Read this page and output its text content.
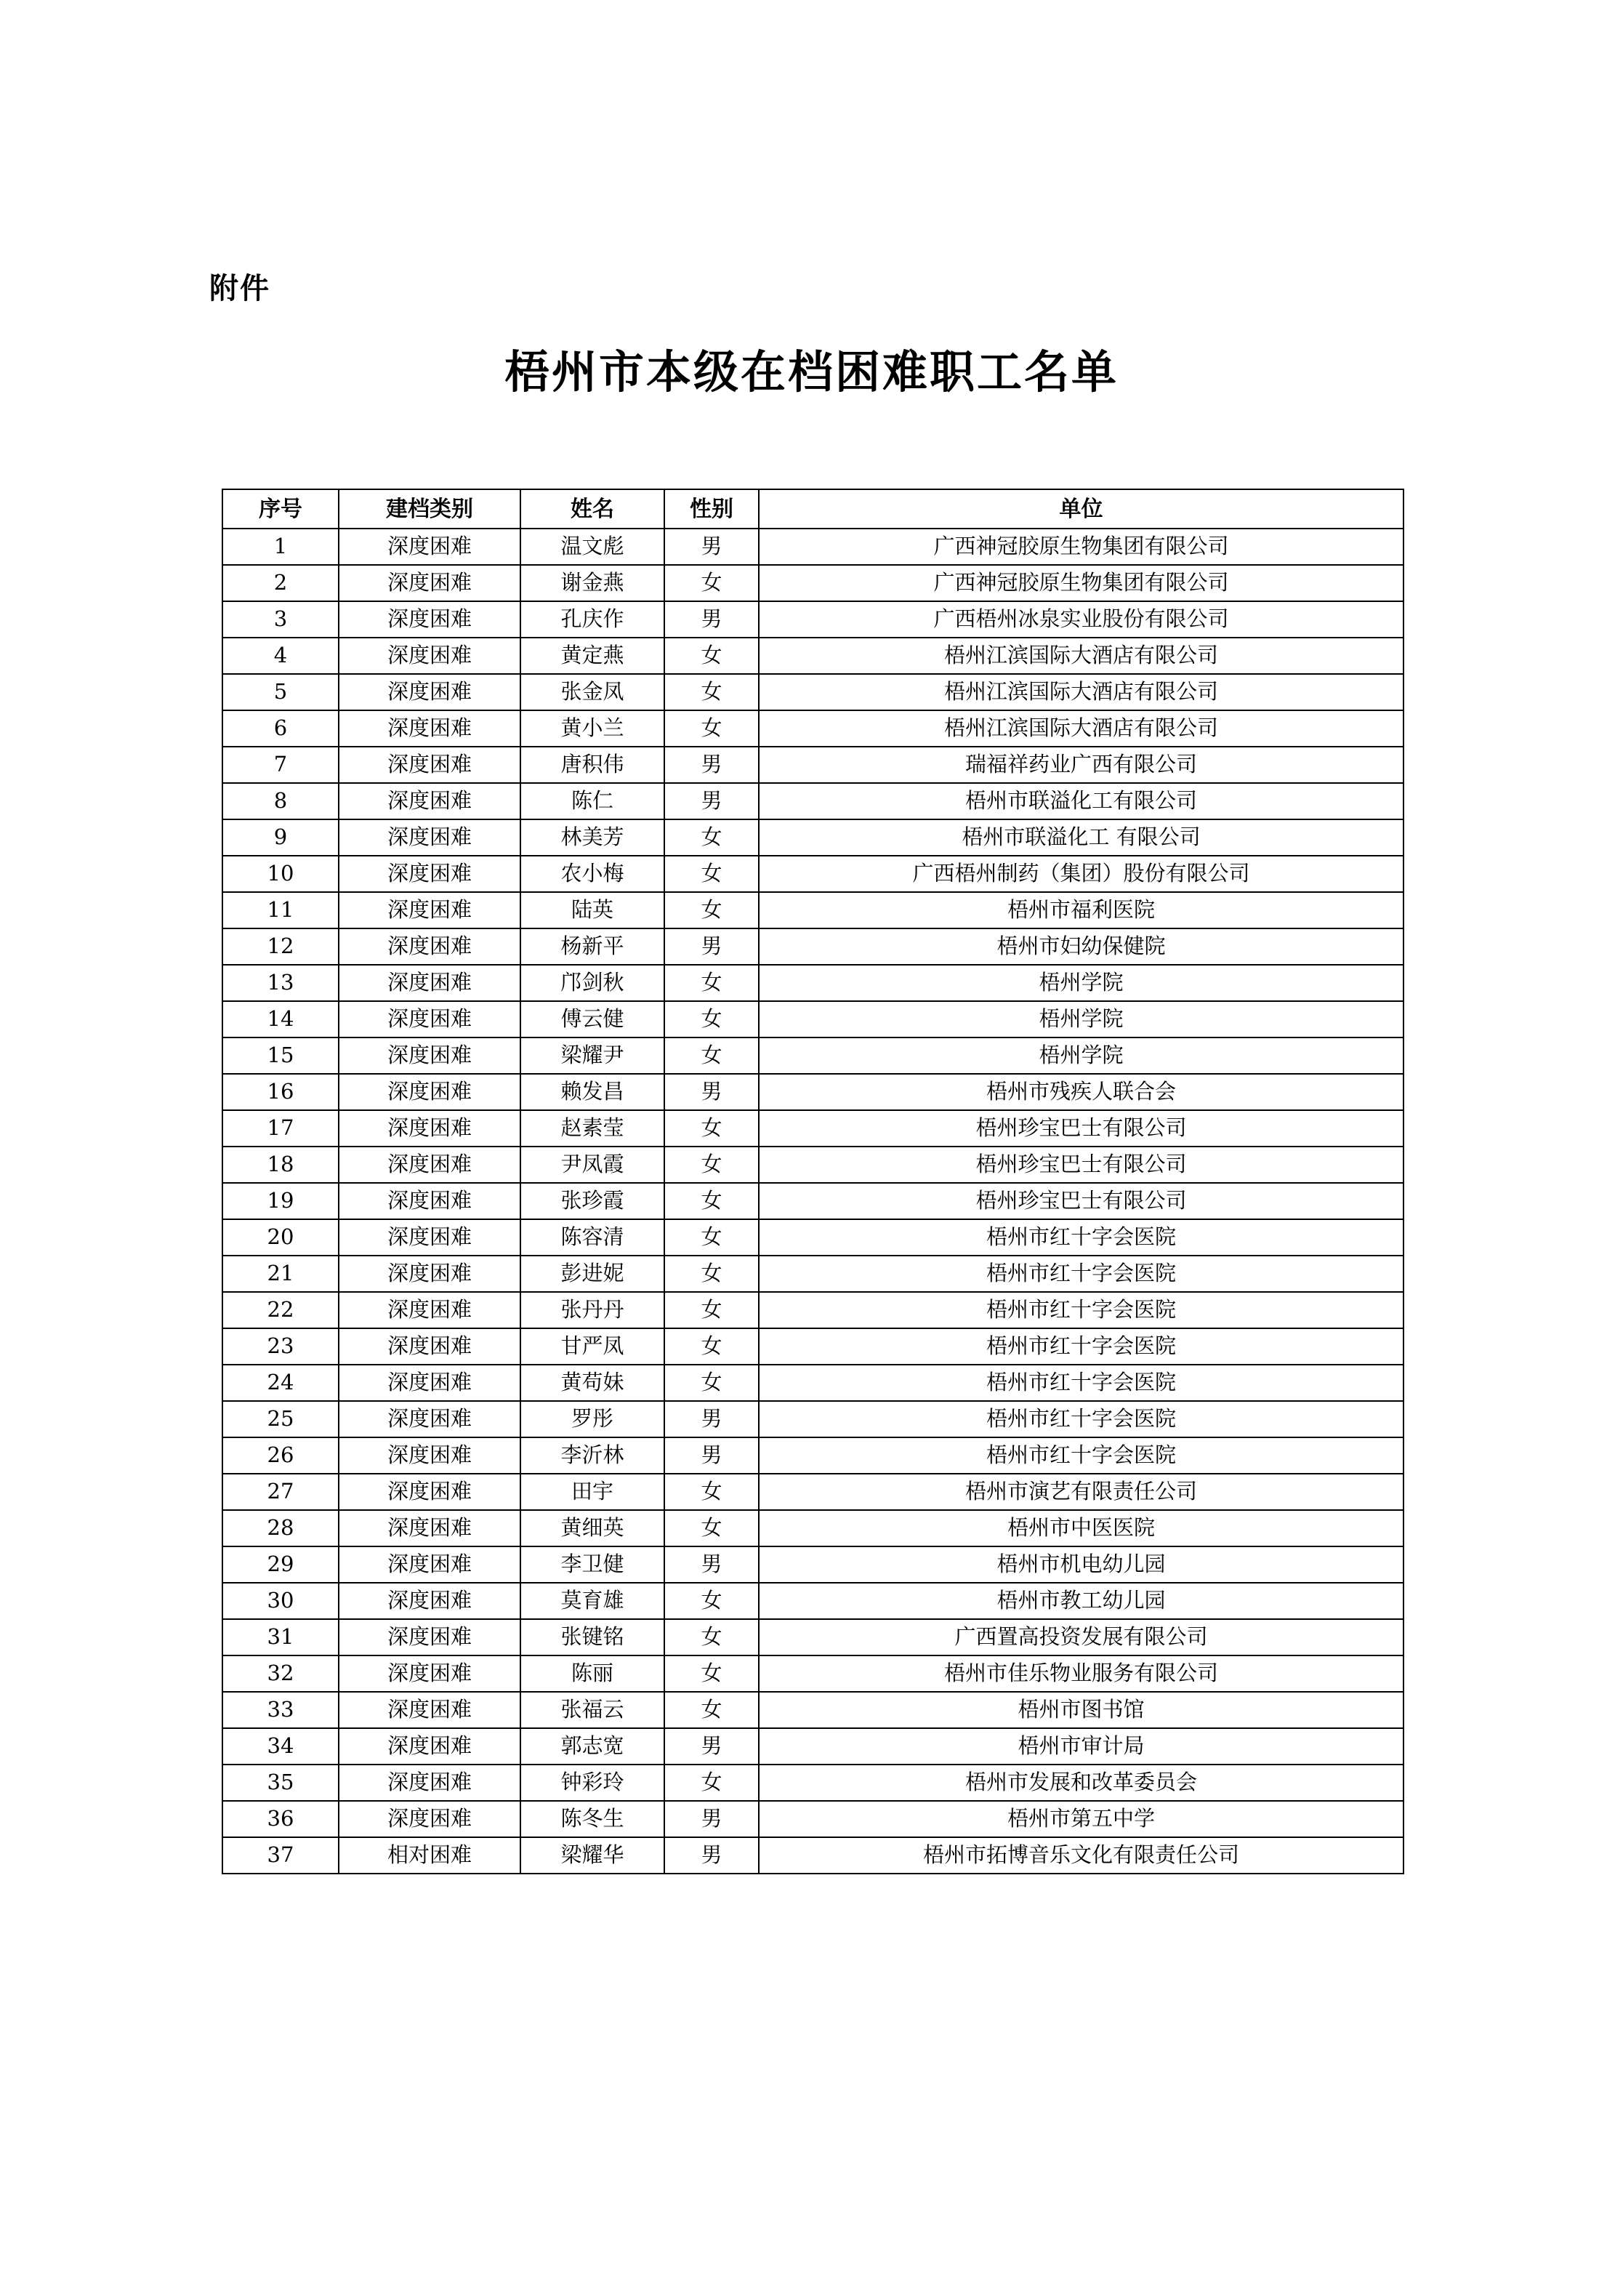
附件
梧州市本级在档困难职工名单
序号	建档类别	姓名	性别	单位
1	深度困难	温文彪	男	广西神冠胶原生物集团有限公司
2	深度困难	谢金燕	女	广西神冠胶原生物集团有限公司
3	深度困难	孔庆作	男	广西梧州冰泉实业股份有限公司
4	深度困难	黄定燕	女	梧州江滨国际大酒店有限公司
5	深度困难	张金凤	女	梧州江滨国际大酒店有限公司
6	深度困难	黄小兰	女	梧州江滨国际大酒店有限公司
7	深度困难	唐积伟	男	瑞福祥药业广西有限公司
8	深度困难	陈仁	男	梧州市联溢化工有限公司
9	深度困难	林美芳	女	梧州市联溢化工 有限公司
10	深度困难	农小梅	女	广西梧州制药（集团）股份有限公司
11	深度困难	陆英	女	梧州市福利医院
12	深度困难	杨新平	男	梧州市妇幼保健院
13	深度困难	邝剑秋	女	梧州学院
14	深度困难	傅云健	女	梧州学院
15	深度困难	梁耀尹	女	梧州学院
16	深度困难	赖发昌	男	梧州市残疾人联合会
17	深度困难	赵素莹	女	梧州珍宝巴士有限公司
18	深度困难	尹凤霞	女	梧州珍宝巴士有限公司
19	深度困难	张珍霞	女	梧州珍宝巴士有限公司
20	深度困难	陈容清	女	梧州市红十字会医院
21	深度困难	彭进妮	女	梧州市红十字会医院
22	深度困难	张丹丹	女	梧州市红十字会医院
23	深度困难	甘严凤	女	梧州市红十字会医院
24	深度困难	黄苟妹	女	梧州市红十字会医院
25	深度困难	罗彤	男	梧州市红十字会医院
26	深度困难	李沂林	男	梧州市红十字会医院
27	深度困难	田宇	女	梧州市演艺有限责任公司
28	深度困难	黄细英	女	梧州市中医医院
29	深度困难	李卫健	男	梧州市机电幼儿园
30	深度困难	莫育雄	女	梧州市教工幼儿园
31	深度困难	张键铭	女	广西置高投资发展有限公司
32	深度困难	陈丽	女	梧州市佳乐物业服务有限公司
33	深度困难	张福云	女	梧州市图书馆
34	深度困难	郭志宽	男	梧州市审计局
35	深度困难	钟彩玲	女	梧州市发展和改革委员会
36	深度困难	陈冬生	男	梧州市第五中学
37	相对困难	梁耀华	男	梧州市拓博音乐文化有限责任公司
